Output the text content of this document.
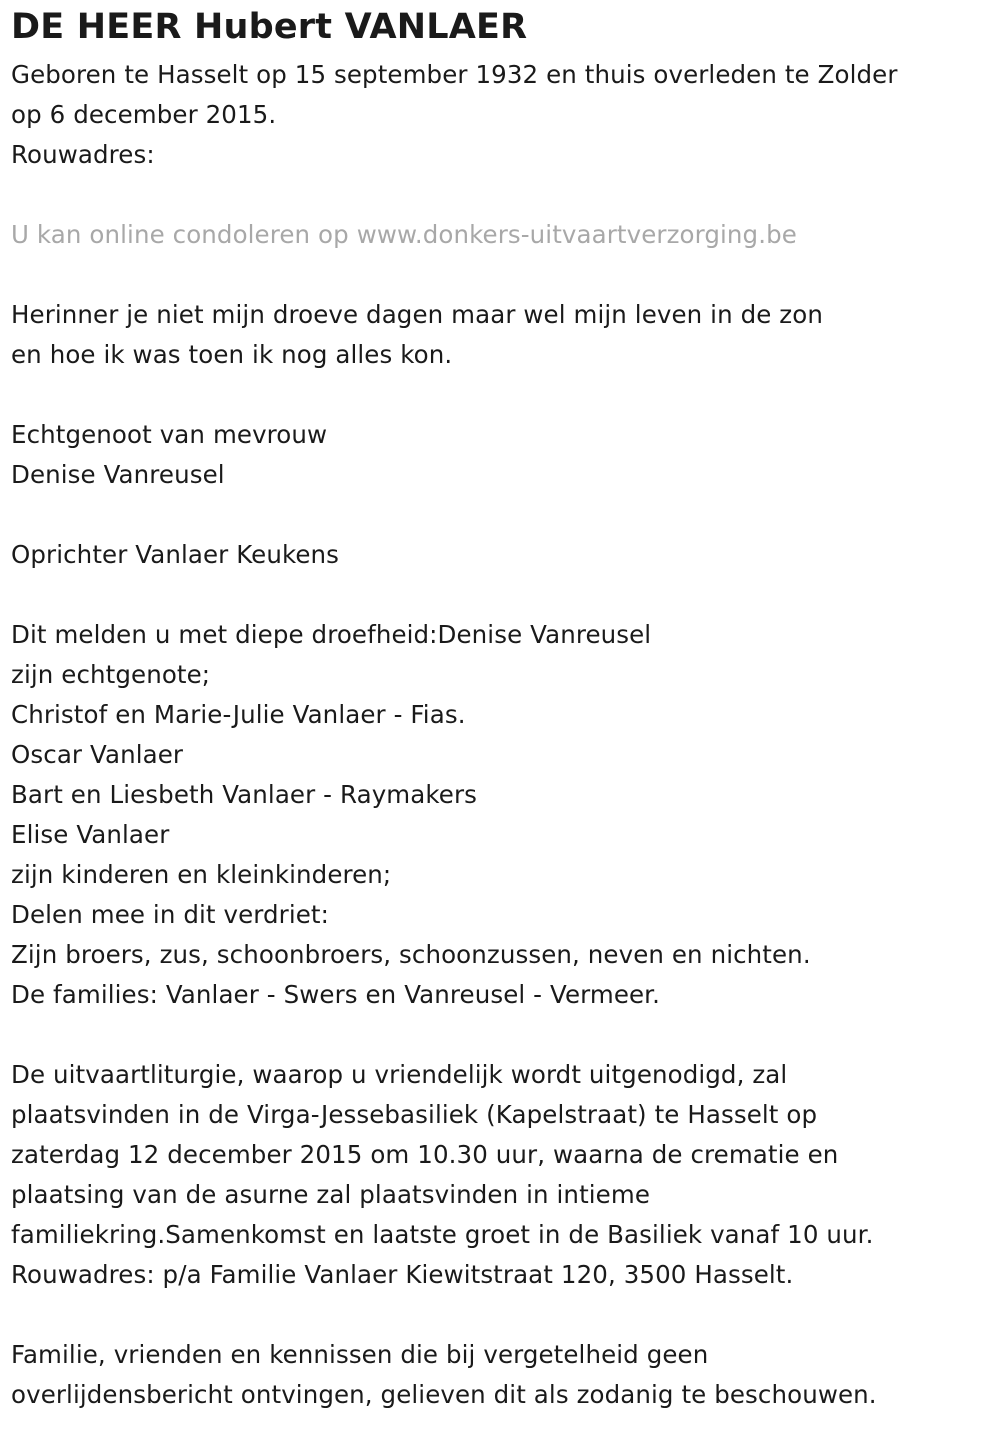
DE HEER Hubert VANLAER
Geboren te Hasselt op 15 september 1932 en thuis overleden te Zolder
op 6 december 2015.
Rouwadres:
U kan online condoleren op www.donkers-uitvaartverzorging.be
Herinner je niet mijn droeve dagen maar wel mijn leven in de zon
en hoe ik was toen ik nog alles kon.
Echtgenoot van mevrouw
Denise Vanreusel
Oprichter Vanlaer Keukens
Dit melden u met diepe droefheid:Denise Vanreusel
zijn echtgenote;
Christof en Marie-Julie Vanlaer - Fias.
Oscar Vanlaer
Bart en Liesbeth Vanlaer - Raymakers
Elise Vanlaer
zijn kinderen en kleinkinderen;
Delen mee in dit verdriet:
Zijn broers, zus, schoonbroers, schoonzussen, neven en nichten.
De families: Vanlaer - Swers en Vanreusel - Vermeer.
De uitvaartliturgie, waarop u vriendelijk wordt uitgenodigd, zal
plaatsvinden in de Virga-Jessebasiliek (Kapelstraat) te Hasselt op
zaterdag 12 december 2015 om 10.30 uur, waarna de crematie en
plaatsing van de asurne zal plaatsvinden in intieme
familiekring.Samenkomst en laatste groet in de Basiliek vanaf 10 uur.
Rouwadres: p/a Familie Vanlaer Kiewitstraat 120, 3500 Hasselt.
Familie, vrienden en kennissen die bij vergetelheid geen
overlijdensbericht ontvingen, gelieven dit als zodanig te beschouwen.
